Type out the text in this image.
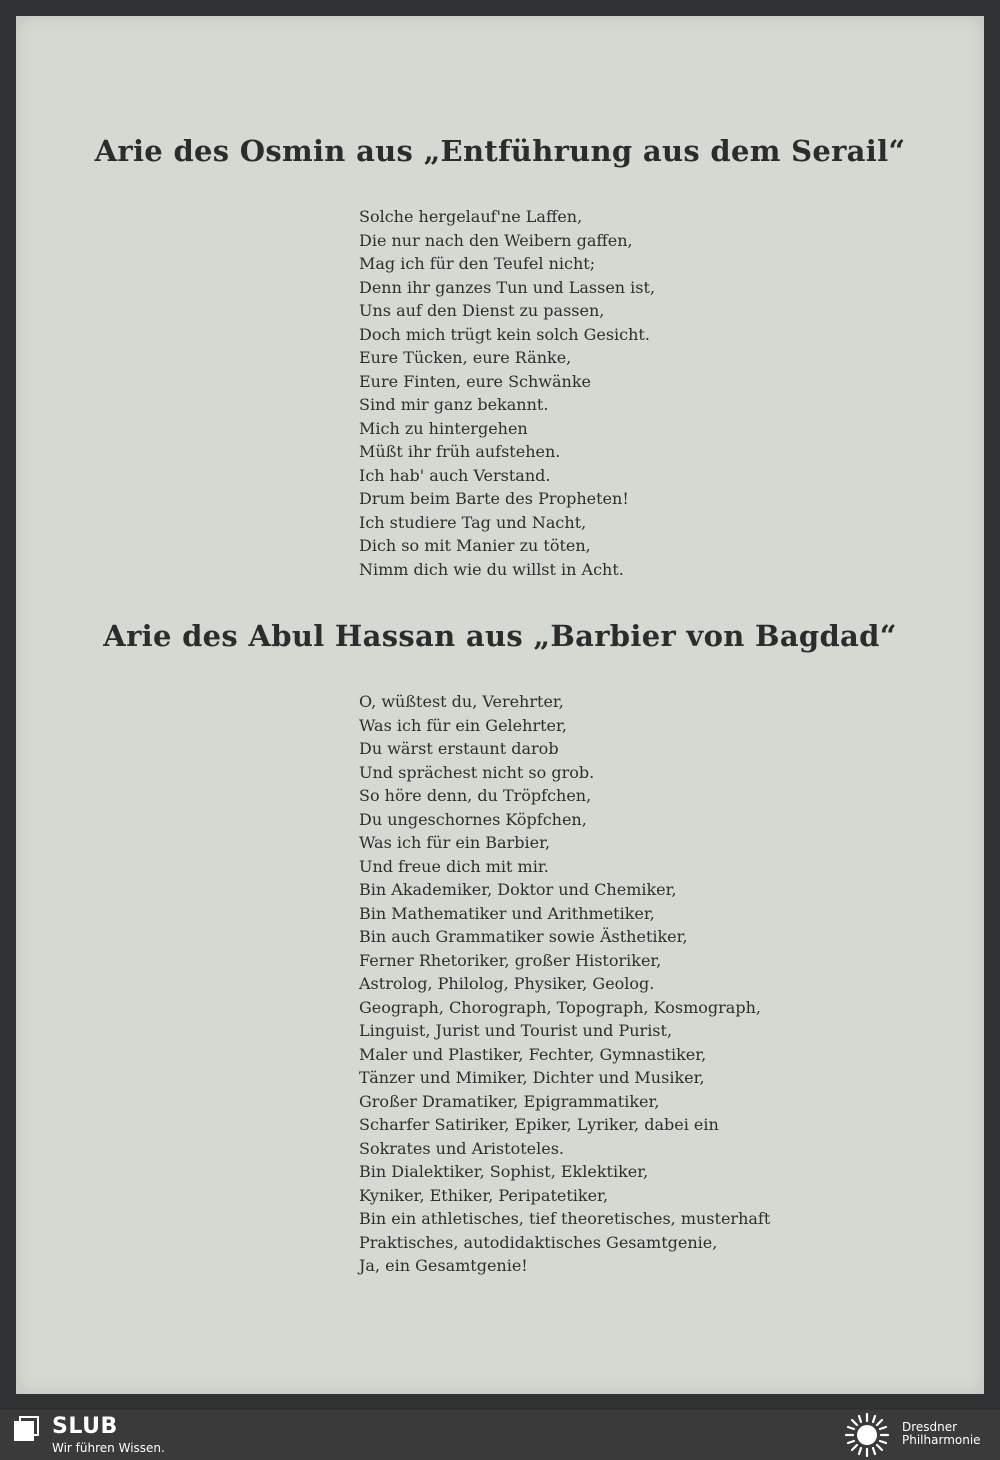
Arie des Osmin aus „Entführung aus dem Serail“
Solche hergelauf'ne Laffen,
Die nur nach den Weibern gaffen,
Mag ich für den Teufel nicht;
Denn ihr ganzes Tun und Lassen ist,
Uns auf den Dienst zu passen,
Doch mich trügt kein solch Gesicht.
Eure Tücken, eure Ränke,
Eure Finten, eure Schwänke
Sind mir ganz bekannt.
Mich zu hintergehen
Müßt ihr früh aufstehen.
Ich hab' auch Verstand.
Drum beim Barte des Propheten!
Ich studiere Tag und Nacht,
Dich so mit Manier zu töten,
Nimm dich wie du willst in Acht.
Arie des Abul Hassan aus „Barbier von Bagdad“
O, wüßtest du, Verehrter,
Was ich für ein Gelehrter,
Du wärst erstaunt darob
Und sprächest nicht so grob.
So höre denn, du Tröpfchen,
Du ungeschornes Köpfchen,
Was ich für ein Barbier,
Und freue dich mit mir.
Bin Akademiker, Doktor und Chemiker,
Bin Mathematiker und Arithmetiker,
Bin auch Grammatiker sowie Ästhetiker,
Ferner Rhetoriker, großer Historiker,
Astrolog, Philolog, Physiker, Geolog.
Geograph, Chorograph, Topograph, Kosmograph,
Linguist, Jurist und Tourist und Purist,
Maler und Plastiker, Fechter, Gymnastiker,
Tänzer und Mimiker, Dichter und Musiker,
Großer Dramatiker, Epigrammatiker,
Scharfer Satiriker, Epiker, Lyriker, dabei ein
Sokrates und Aristoteles.
Bin Dialektiker, Sophist, Eklektiker,
Kyniker, Ethiker, Peripatetiker,
Bin ein athletisches, tief theoretisches, musterhaft
Praktisches, autodidaktisches Gesamtgenie,
Ja, ein Gesamtgenie!
SLUB
Wir führen Wissen.
Dresdner
Philharmonie
